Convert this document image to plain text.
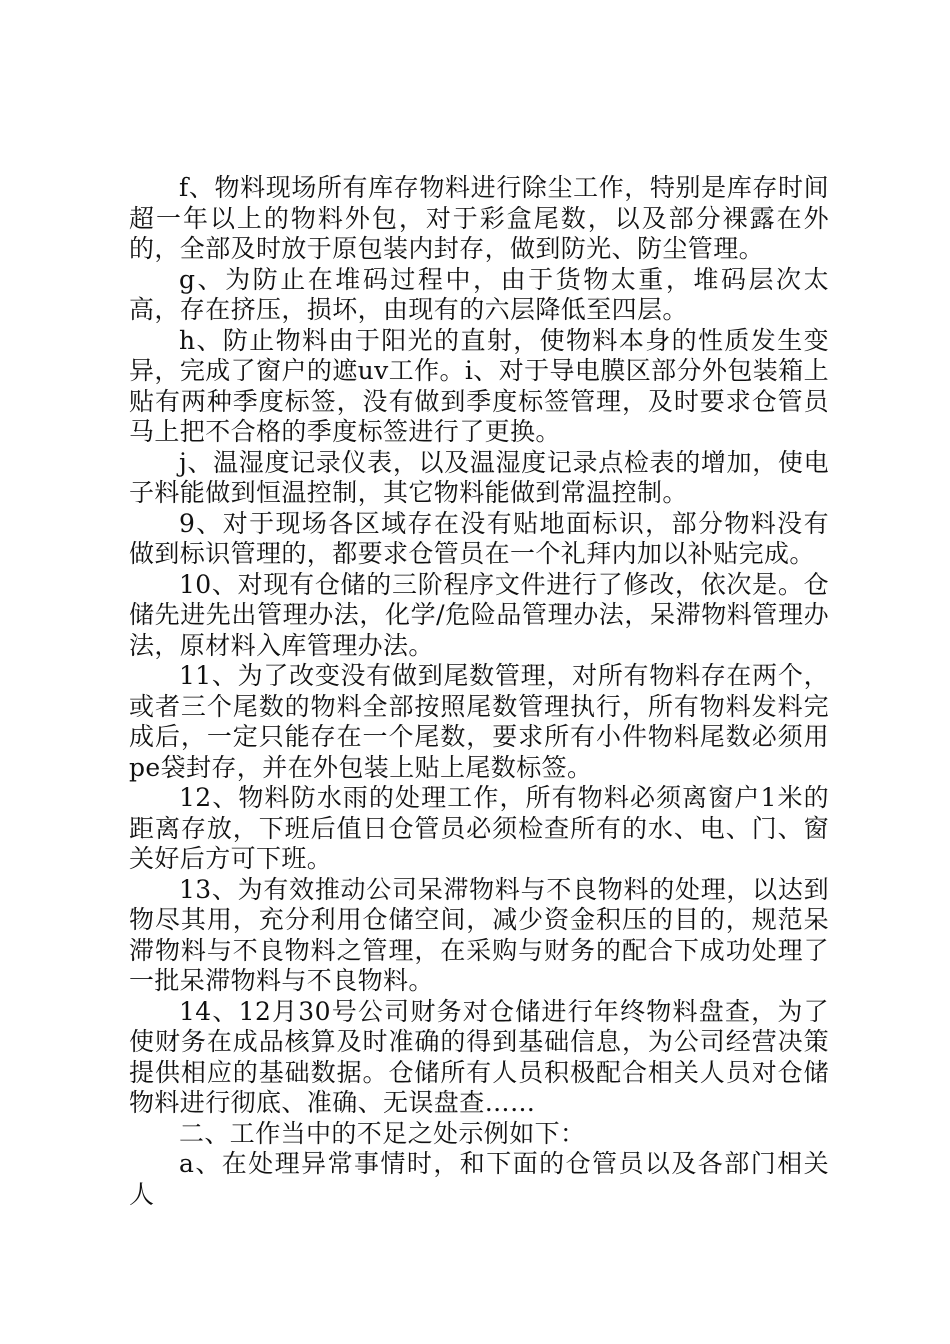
f、物料现场所有库存物料进行除尘工作，特别是库存时间超一年以上的物料外包，对于彩盒尾数，以及部分裸露在外的，全部及时放于原包装内封存，做到防光、防尘管理。

g、为防止在堆码过程中，由于货物太重，堆码层次太高，存在挤压，损坏，由现有的六层降低至四层。

h、防止物料由于阳光的直射，使物料本身的性质发生变异，完成了窗户的遮uv工作。i、对于导电膜区部分外包装箱上贴有两种季度标签，没有做到季度标签管理，及时要求仓管员马上把不合格的季度标签进行了更换。

j、温湿度记录仪表，以及温湿度记录点检表的增加，使电子料能做到恒温控制，其它物料能做到常温控制。

9、对于现场各区域存在没有贴地面标识，部分物料没有做到标识管理的，都要求仓管员在一个礼拜内加以补贴完成。

10、对现有仓储的三阶程序文件进行了修改，依次是。仓储先进先出管理办法，化学/危险品管理办法，呆滞物料管理办法，原材料入库管理办法。

11、为了改变没有做到尾数管理，对所有物料存在两个，或者三个尾数的物料全部按照尾数管理执行，所有物料发料完成后，一定只能存在一个尾数，要求所有小件物料尾数必须用pe袋封存，并在外包装上贴上尾数标签。

12、物料防水雨的处理工作，所有物料必须离窗户1米的距离存放，下班后值日仓管员必须检查所有的水、电、门、窗关好后方可下班。

13、为有效推动公司呆滞物料与不良物料的处理，以达到物尽其用，充分利用仓储空间，减少资金积压的目的，规范呆滞物料与不良物料之管理，在采购与财务的配合下成功处理了一批呆滞物料与不良物料。

14、12月30号公司财务对仓储进行年终物料盘查，为了使财务在成品核算及时准确的得到基础信息，为公司经营决策提供相应的基础数据。仓储所有人员积极配合相关人员对仓储物料进行彻底、准确、无误盘查……

二、工作当中的不足之处示例如下：

a、在处理异常事情时，和下面的仓管员以及各部门相关人
